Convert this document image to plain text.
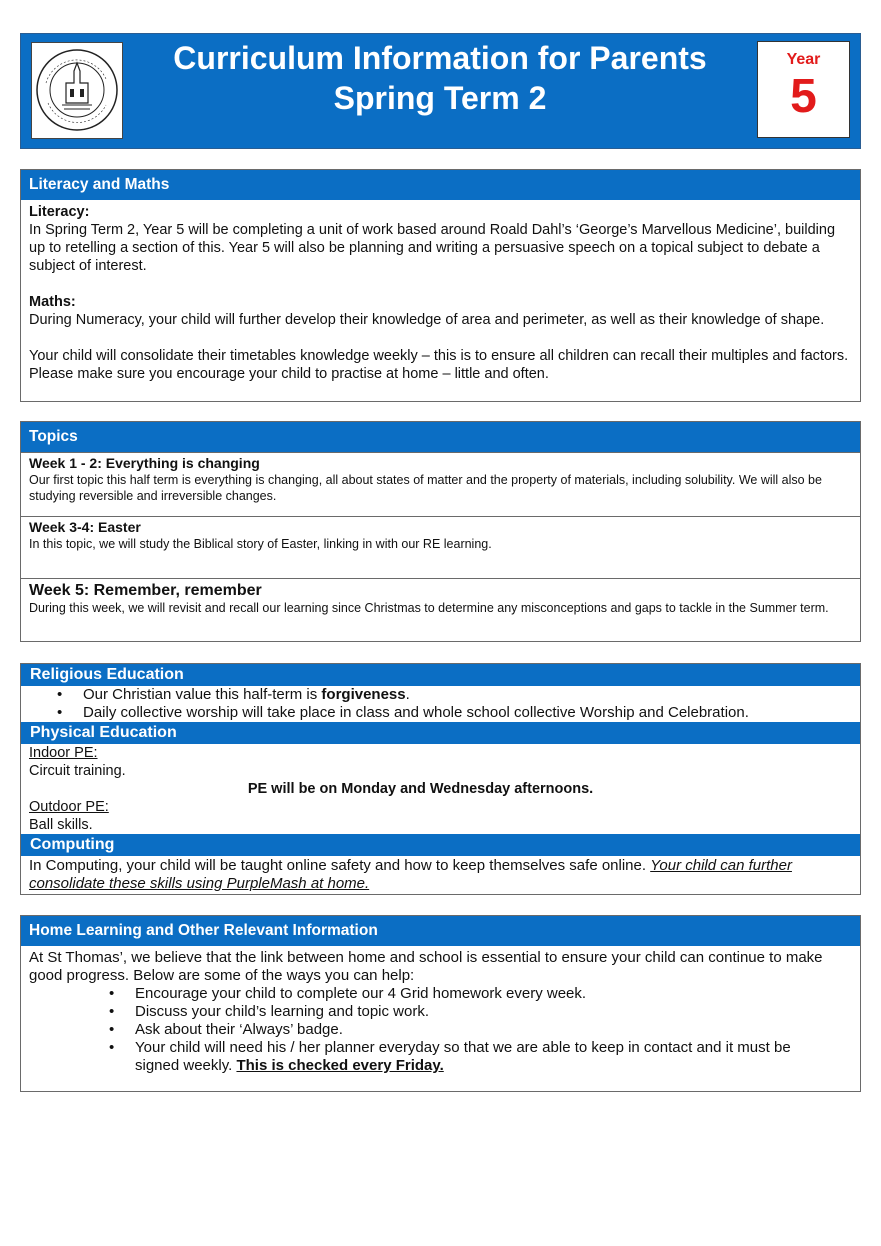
Curriculum Information for Parents
Spring Term 2
Year
5
Literacy and Maths

Literacy:

In Spring Term 2, Year 5 will be completing a unit of work based around Roald Dahl’s ‘George’s Marvellous Medicine’, building up to retelling a section of this. Year 5 will also be planning and writing a persuasive speech on a topical subject to debate a subject of interest.

Maths:

During Numeracy, your child will further develop their knowledge of area and perimeter, as well as their knowledge of shape.

Your child will consolidate their timetables knowledge weekly – this is to ensure all children can recall their multiples and factors. Please make sure you encourage your child to practise at home – little and often.

Topics
Week 1 - 2: Everything is changing
Our first topic this half term is everything is changing, all about states of matter and the property of materials, including solubility. We will also be studying reversible and irreversible changes.
Week 3-4: Easter
In this topic, we will study the Biblical story of Easter, linking in with our RE learning.
Week 5: Remember, remember
During this week, we will revisit and recall our learning since Christmas to determine any misconceptions and gaps to tackle in the Summer term.
Religious Education
• Our Christian value this half-term is forgiveness.
• Daily collective worship will take place in class and whole school collective Worship and Celebration.
Physical Education

Indoor PE:

Circuit training.

PE will be on Monday and Wednesday afternoons.

Outdoor PE:

Ball skills.

Computing

In Computing, your child will be taught online safety and how to keep themselves safe online. Your child can further consolidate these skills using PurpleMash at home.

Home Learning and Other Relevant Information

At St Thomas’, we believe that the link between home and school is essential to ensure your child can continue to make good progress. Below are some of the ways you can help:

• Encourage your child to complete our 4 Grid homework every week.
• Discuss your child’s learning and topic work.
• Ask about their ‘Always’ badge.
• Your child will need his / her planner everyday so that we are able to keep in contact and it must be signed weekly. This is checked every Friday.
